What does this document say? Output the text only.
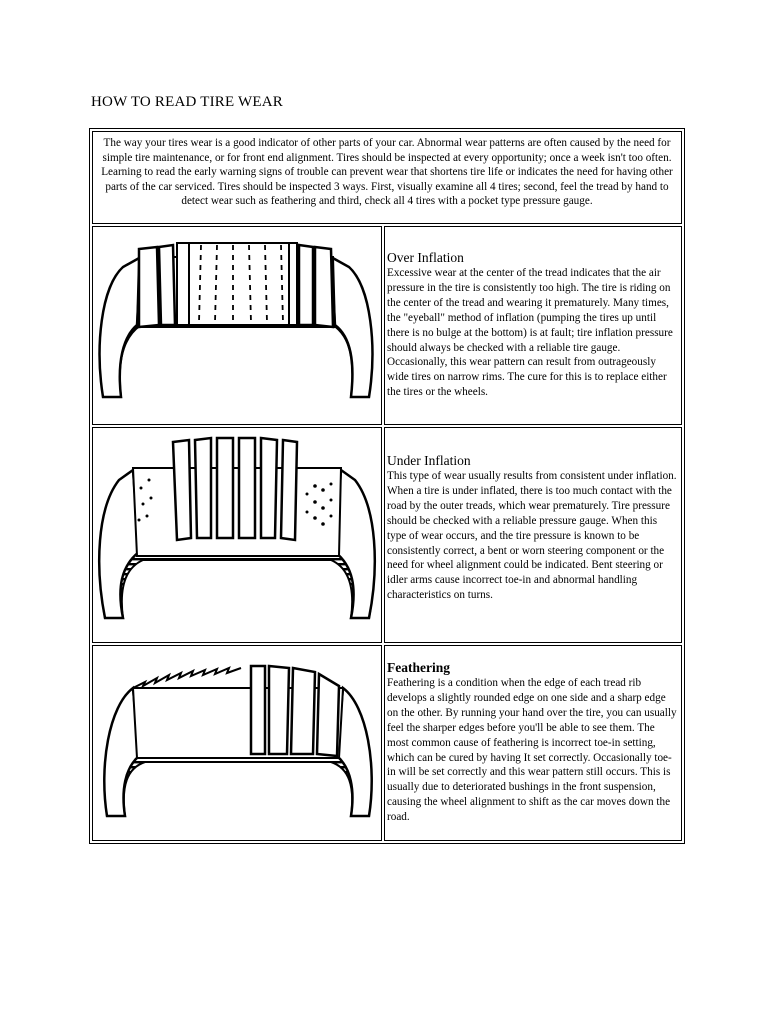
HOW TO READ TIRE WEAR
The way your tires wear is a good indicator of other parts of your car. Abnormal wear patterns are often caused by the need for simple tire maintenance, or for front end alignment. Tires should be inspected at every opportunity; once a week isn't too often. Learning to read the early warning signs of trouble can prevent wear that shortens tire life or indicates the need for having other parts of the car serviced. Tires should be inspected 3 ways. First, visually examine all 4 tires; second, feel the tread by hand to detect wear such as feathering and third, check all 4 tires with a pocket type pressure gauge.
Over Inflation

Excessive wear at the center of the tread indicates that the air pressure in the tire is consistently too high. The tire is riding on the center of the tread and wearing it prematurely. Many times, the "eyeball" method of inflation (pumping the tires up until there is no bulge at the bottom) is at fault; tire inflation pressure should always be checked with a reliable tire gauge. Occasionally, this wear pattern can result from outrageously wide tires on narrow rims. The cure for this is to replace either the tires or the wheels.

Under Inflation

This type of wear usually results from consistent under inflation. When a tire is under inflated, there is too much contact with the road by the outer treads, which wear prematurely. Tire pressure should be checked with a reliable pressure gauge. When this type of wear occurs, and the tire pressure is known to be consistently correct, a bent or worn steering component or the need for wheel alignment could be indicated. Bent steering or idler arms cause incorrect toe-in and abnormal handling characteristics on turns.

Feathering

Feathering is a condition when the edge of each tread rib develops a slightly rounded edge on one side and a sharp edge on the other. By running your hand over the tire, you can usually feel the sharper edges before you'll be able to see them. The most common cause of feathering is incorrect toe-in setting, which can be cured by having It set correctly. Occasionally toe-in will be set correctly and this wear pattern still occurs. This is usually due to deteriorated bushings in the front suspension, causing the wheel alignment to shift as the car moves down the road.
